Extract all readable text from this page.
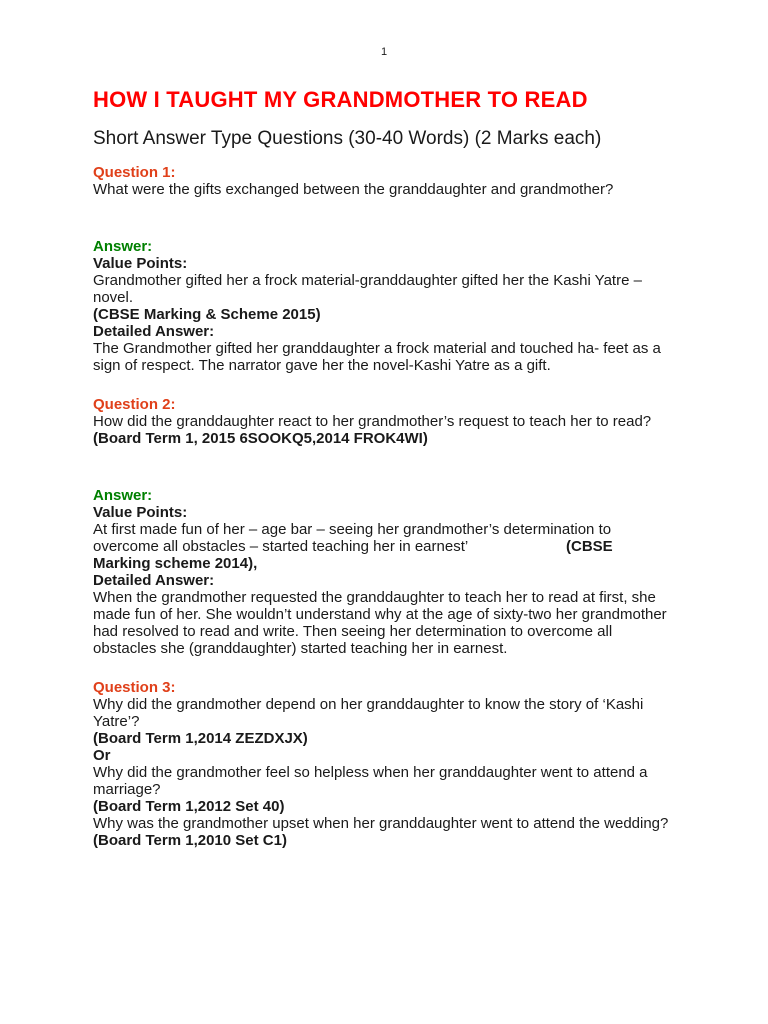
1
HOW I TAUGHT MY GRANDMOTHER TO READ
Short Answer Type Questions (30-40 Words) (2 Marks each)
Question 1:
What were the gifts exchanged between the granddaughter and grandmother?
Answer:
Value Points:
Grandmother gifted her a frock material-granddaughter gifted her the Kashi Yatre – novel.
(CBSE Marking & Scheme 2015)
Detailed Answer:
The Grandmother gifted her granddaughter a frock material and touched ha- feet as a sign of respect. The narrator gave her the novel-Kashi Yatre as a gift.
Question 2:
How did the granddaughter react to her grandmother’s request to teach her to read?
(Board Term 1, 2015 6SOOKQ5,2014 FROK4WI)
Answer:
Value Points:
At first made fun of her – age bar – seeing her grandmother’s determination to
overcome all obstacles – started teaching her in earnest’	(CBSE
Marking scheme 2014),
Detailed Answer:
When the grandmother requested the granddaughter to teach her to read at first, she made fun of her. She wouldn’t understand why at the age of sixty-two her grandmother had resolved to read and write. Then seeing her determination to overcome all obstacles she (granddaughter) started teaching her in earnest.
Question 3:
Why did the grandmother depend on her granddaughter to know the story of ‘Kashi Yatre’?
(Board Term 1,2014 ZEZDXJX)
Or
Why did the grandmother feel so helpless when her granddaughter went to attend a marriage?
(Board Term 1,2012 Set 40)
Why was the grandmother upset when her granddaughter went to attend the wedding?
(Board Term 1,2010 Set C1)
